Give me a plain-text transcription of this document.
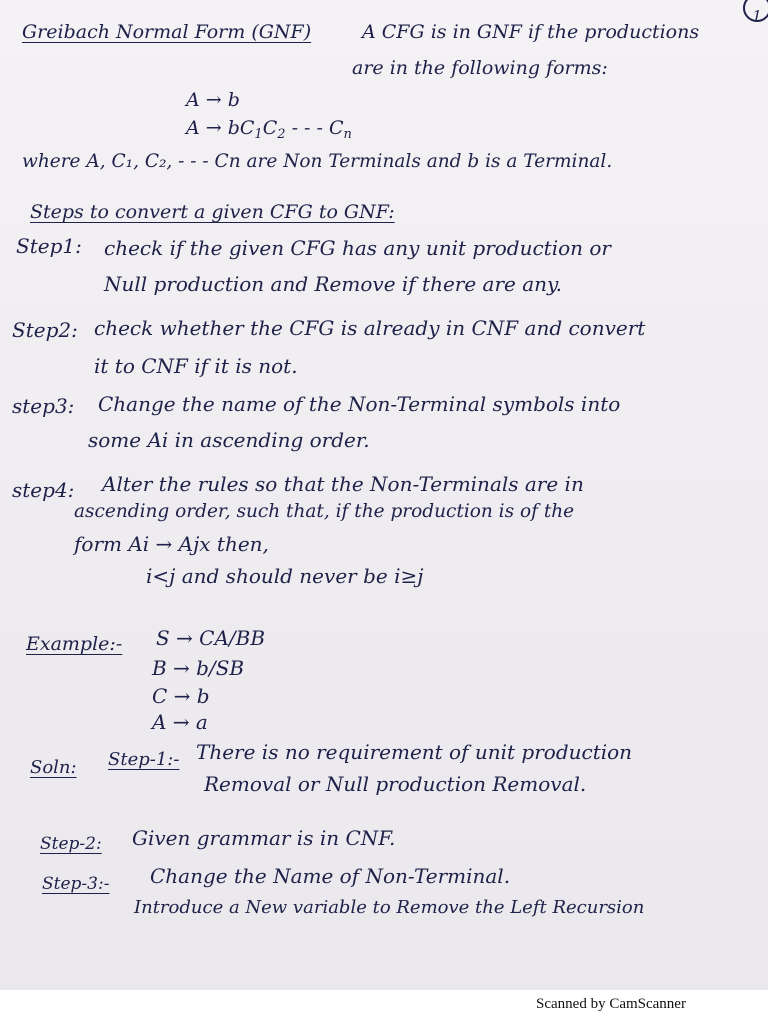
1
Greibach Normal Form (GNF)	A CFG is in GNF if the productions
are in the following forms:
A → b
$A \to bC_1C_2$ - - - $C_n$
where A, C₁, C₂, - - - Cn are Non Terminals and b is a Terminal.
Steps to convert a given CFG to GNF:
Step1: check if the given CFG has any unit production or
Null production and Remove if there are any.
Step2: check whether the CFG is already in CNF and convert
it to CNF if it is not.
step3: Change the name of the Non-Terminal symbols into
some Ai in ascending order.
step4: Alter the rules so that the Non-Terminals are in
ascending order, such that, if the production is of the
form Ai → Ajx then,
i<j and should never be i≥j
Example:- S → CA/BB
B → b/SB
C → b
A → a
Soln: Step-1:- There is no requirement of unit production
Removal or Null production Removal.
Step-2: Given grammar is in CNF.
Step-3:- Change the Name of Non-Terminal.
Introduce a New variable to Remove the Left Recursion
Scanned by CamScanner
